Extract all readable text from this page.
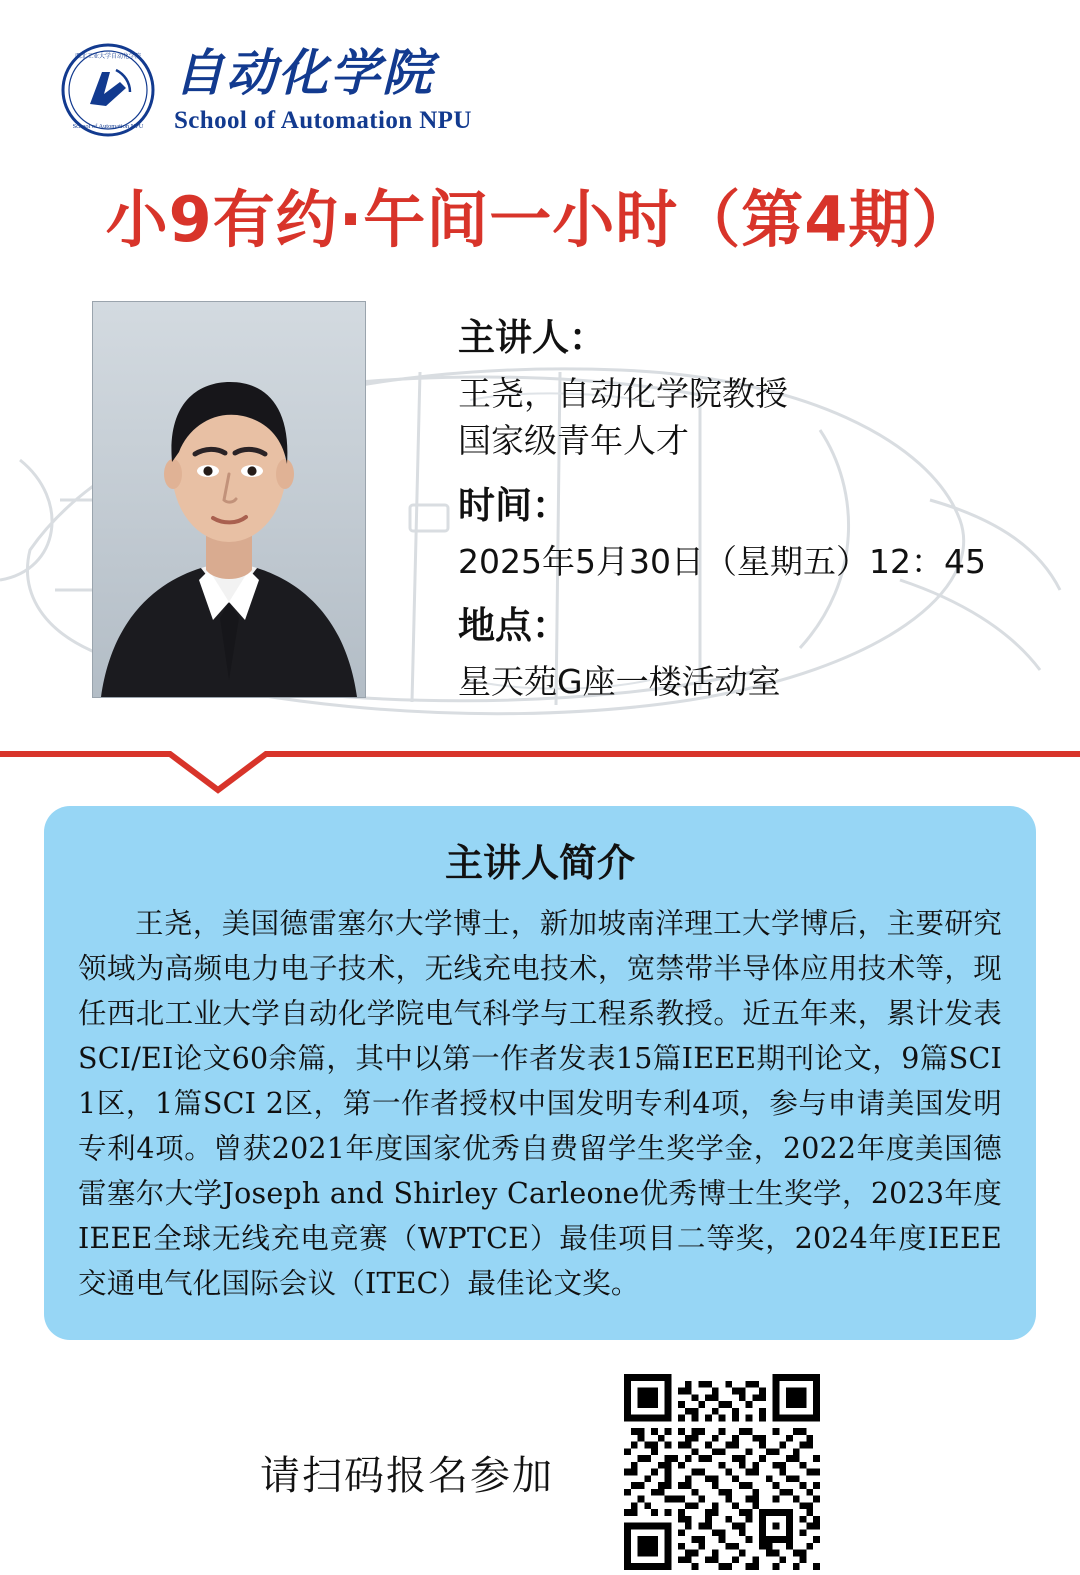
西北工业大学自动化学院
School of Automation NPU
自动化学院
School of Automation NPU
小9有约·午间一小时（第4期）
主讲人：
王尧，自动化学院教授
国家级青年人才
时间：
2025年5月30日（星期五）12：45
地点：
星天苑G座一楼活动室
主讲人简介
王尧，美国德雷塞尔大学博士，新加坡南洋理工大学博后，主要研究领域为高频电力电子技术，无线充电技术，宽禁带半导体应用技术等，现任西北工业大学自动化学院电气科学与工程系教授。近五年来，累计发表SCI/EI论文60余篇，其中以第一作者发表15篇IEEE期刊论文，9篇SCI 1区，1篇SCI 2区，第一作者授权中国发明专利4项，参与申请美国发明专利4项。曾获2021年度国家优秀自费留学生奖学金，2022年度美国德雷塞尔大学Joseph and Shirley Carleone优秀博士生奖学，2023年度IEEE全球无线充电竞赛（WPTCE）最佳项目二等奖，2024年度IEEE交通电气化国际会议（ITEC）最佳论文奖。
请扫码报名参加
